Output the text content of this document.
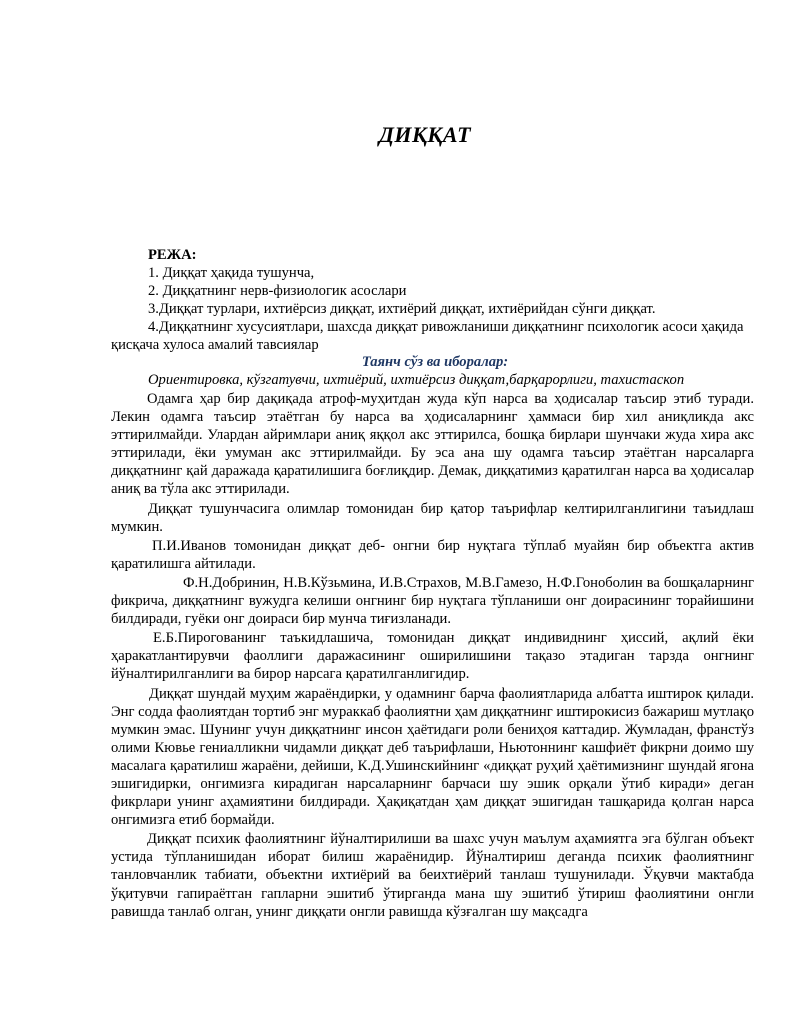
ДИҚҚАТ
РЕЖА:
1. Диққат ҳақида тушунча,
2. Диққатнинг нерв-физиологик асослари
3.Диққат турлари, ихтиёрсиз диққат, ихтиёрий диққат, ихтиёрийдан сўнги диққат.
4.Диққатнинг хусусиятлари, шахсда диққат ривожланиши диққатнинг психологик асоси ҳақида қисқача хулоса амалий тавсиялар
Таянч сўз ва иборалар:
Ориентировка, кўзгатувчи, ихтиёрий, ихтиёрсиз диққат,барқарорлиги, тахистаскоп

Одамга ҳар бир дақиқада атроф-муҳитдан жуда кўп нарса ва ҳодисалар таъсир этиб туради. Лекин одамга таъсир этаётган бу нарса ва ҳодисаларнинг ҳаммаси бир хил аниқликда акс эттирилмайди. Улардан айримлари аниқ яққол акс эттирилса, бошқа бирлари шунчаки жуда хира акс эттирилади, ёки умуман акс эттирилмайди. Бу эса ана шу одамга таъсир этаётган нарсаларга диққатнинг қай даражада қаратилишига боғлиқдир. Демак, диққатимиз қаратилган нарса ва ҳодисалар аниқ ва тўла акс эттирилади.

Диққат тушунчасига олимлар томонидан бир қатор таърифлар келтирилганлигини таъидлаш мумкин.

П.И.Иванов томонидан диққат деб- онгни бир нуқтага тўплаб муайян бир объектга актив қаратилишга айтилади.

Ф.Н.Добринин, Н.В.Кўзьмина, И.В.Страхов, М.В.Гамезо, Н.Ф.Гоноболин ва бошқаларнинг фикрича, диққатнинг вужудга келиши онгнинг бир нуқтага тўпланиши онг доирасининг торайишини билдиради, гуёки онг доираси бир мунча тиғизланади.

Е.Б.Пироговaнинг таъкидлашича, томонидан диққат индивиднинг ҳиссий, ақлий ёки ҳаракатлантирувчи фаоллиги даражасининг оширилишини тақазо этадиган тарзда онгнинг йўналтирилганлиги ва бирор нарсага қаратилганлигидир.

Диққат шундай муҳим жараёндирки, у одамнинг барча фаолиятларида албатта иштирок қилади. Энг содда фаолиятдан тортиб энг мураккаб фаолиятни ҳам диққатнинг иштирокисиз бажариш мутлақо мумкин эмас. Шунинг учун диққатнинг инсон ҳаётидаги роли бениҳоя каттадир. Жумладан, франстўз олими Кювье гениалликни чидамли диққат деб таърифлаши, Ньютоннинг кашфиёт фикрни доимо шу масалага қаратилиш жараёни, дейиши, К.Д.Ушинскийнинг «диққат руҳий ҳаётимизнинг шундай ягона эшигидирки, онгимизга кирадиган нарсаларнинг барчаси шу эшик орқали ўтиб киради» деган фикрлари унинг аҳамиятини билдиради. Ҳақиқатдан ҳам диққат эшигидан ташқарида қолган нарса онгимизга етиб бормайди.

Диққат психик фаолиятнинг йўналтирилиши ва шахс учун маълум аҳамиятга эга бўлган объект устида тўпланишидан иборат билиш жараёнидир. Йўналтириш деганда психик фаолиятнинг танловчанлик табиати, объектни ихтиёрий ва беихтиёрий танлаш тушунилади. Ўқувчи мактабда ўқитувчи гапираётган гапларни эшитиб ўтирганда мана шу эшитиб ўтириш фаолиятини онгли равишда танлаб олган, унинг диққати онгли равишда кўзғалган шу мақсадга
